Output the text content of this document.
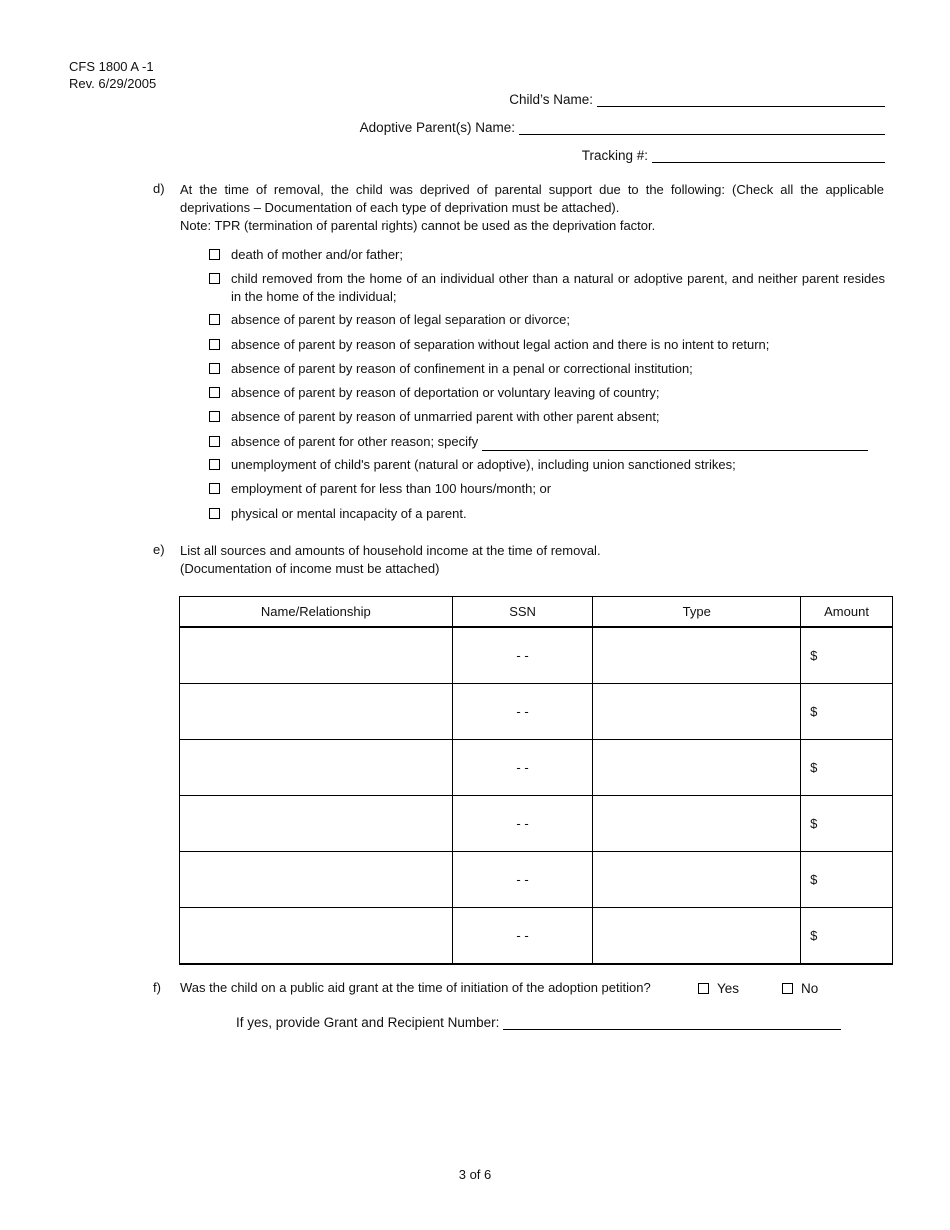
CFS 1800 A -1
Rev. 6/29/2005
Child’s Name:
Adoptive Parent(s) Name:
Tracking #:
d) At the time of removal, the child was deprived of parental support due to the following: (Check all the applicable deprivations – Documentation of each type of deprivation must be attached).
Note: TPR (termination of parental rights) cannot be used as the deprivation factor.
death of mother and/or father;
child removed from the home of an individual other than a natural or adoptive parent, and neither parent resides in the home of the individual;
absence of parent by reason of legal separation or divorce;
absence of parent by reason of separation without legal action and there is no intent to return;
absence of parent by reason of confinement in a penal or correctional institution;
absence of parent by reason of deportation or voluntary leaving of country;
absence of parent by reason of unmarried parent with other parent absent;
absence of parent for other reason; specify
unemployment of child's parent (natural or adoptive), including union sanctioned strikes;
employment of parent for less than 100 hours/month; or
physical or mental incapacity of a parent.
e) List all sources and amounts of household income at the time of removal.
(Documentation of income must be attached)
Name/Relationship	SSN	Type	Amount
	- -		$
	- -		$
	- -		$
	- -		$
	- -		$
	- -		$
f) Was the child on a public aid grant at the time of initiation of the adoption petition?	Yes	No
If yes, provide Grant and Recipient Number:
3 of 6
